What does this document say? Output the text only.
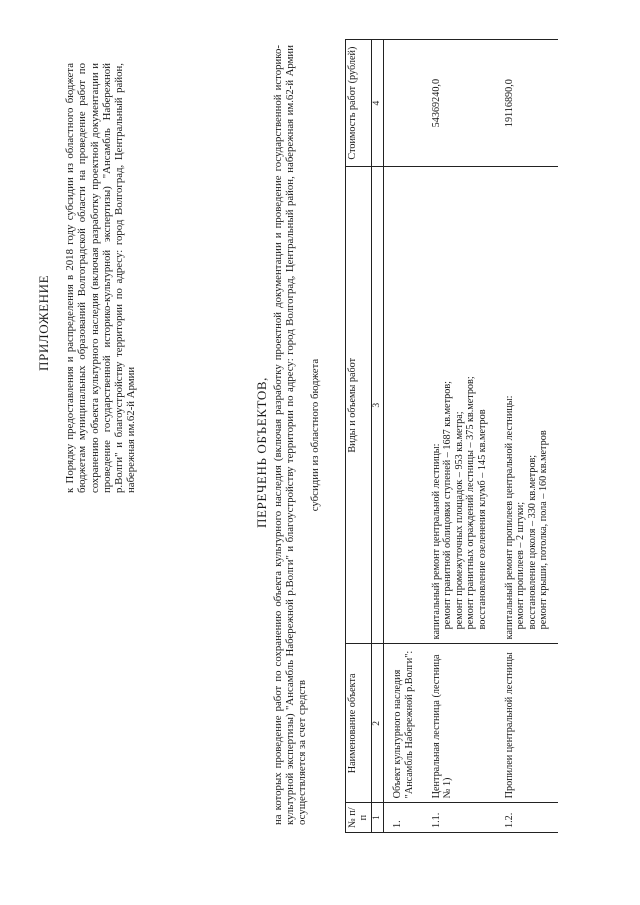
ПРИЛОЖЕНИЕ к Порядку предоставления и распределения в 2018 году субсидии из областного бюджета бюджетам муниципальных образований Волгоградской области на проведение работ по сохранению объекта культурного наследия (включая разработку проектной документации и проведение государственной историко-культурной экспертизы) "Ансамбль Набережной р.Волги" и благоустройству территории по адресу: город Волгоград, Центральный район, набережная им.62-й Армии	ПЕРЕЧЕНЬ ОБЪЕКТОВ, на которых проведение работ по сохранению объекта культурного наследия (включая разработку проектной документации и проведение государственной историко-культурной экспертизы) "Ансамбль Набережной р.Волги" и благоустройству территории по адресу: город Волгоград, Центральный район, набережная им.62-й Армии осуществляется за счет средств
субсидии из областного бюджета
№ п/п	Наименование объекта	Виды и объемы работ	Стоимость работ (рублей)
1	2	3	4
1.	Объект культурного наследия "Ансамбль Набережной р.Волги":		
1.1.	Центральная лестница (лестница № 1)	капитальный ремонт центральной лестницы: ремонт гранитной облицовки ступеней – 1687 кв.метров; ремонт промежуточных площадок – 953 кв.метра; ремонт гранитных ограждений лестницы – 375 кв.метров; восстановление озеленения клумб – 145 кв.метров	54369240,0
1.2.	Пропилеи центральной лестницы	капитальный ремонт пропилеев центральной лестницы: ремонт пропилеев – 2 штуки; восстановление цоколя – 330 кв.метров; ремонт крыши, потолка, пола – 160 кв.метров	19116890,0
